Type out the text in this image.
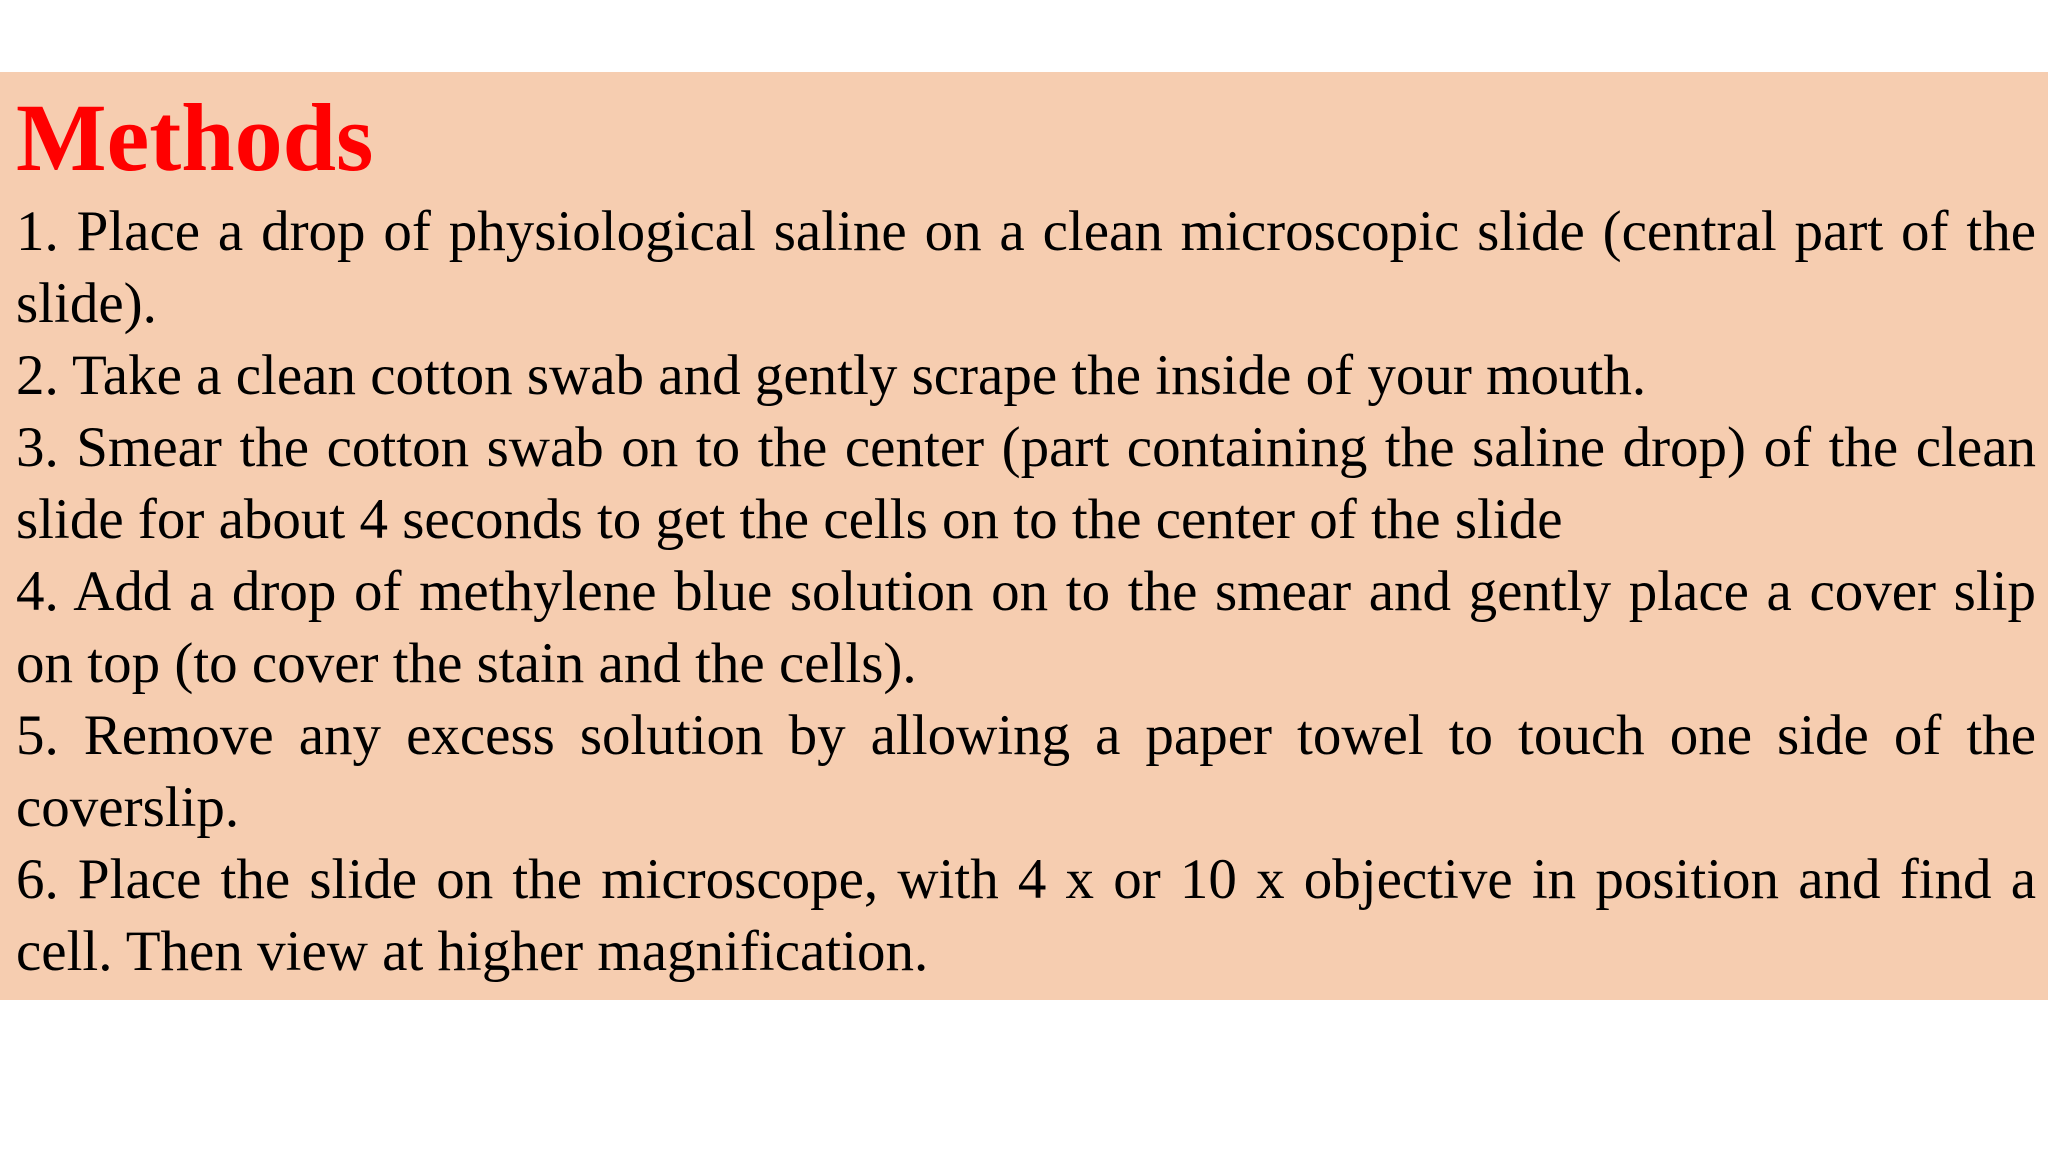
Methods
1. Place a drop of physiological saline on a clean microscopic slide (central part of the slide).
2. Take a clean cotton swab and gently scrape the inside of your mouth.
3. Smear the cotton swab on to the center (part containing the saline drop) of the clean slide for about 4 seconds to get the cells on to the center of the slide
4. Add a drop of methylene blue solution on to the smear and gently place a cover slip on top (to cover the stain and the cells).
5. Remove any excess solution by allowing a paper towel to touch one side of the coverslip.
6. Place the slide on the microscope, with 4 x or 10 x objective in position and find a cell. Then view at higher magnification.
